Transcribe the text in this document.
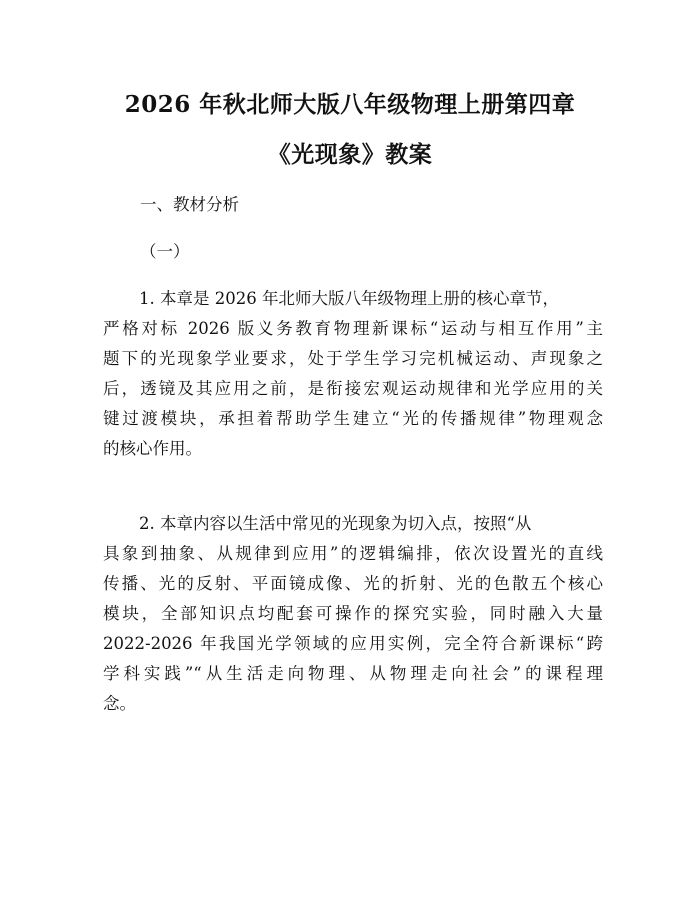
2026 年秋北师大版八年级物理上册第四章
《光现象》教案
一、教材分析
（一）
1. 本章是 2026 年北师大版八年级物理上册的核心章节，
严格对标 2026 版义务教育物理新课标“运动与相互作用”主
题下的光现象学业要求，处于学生学习完机械运动、声现象之
后，透镜及其应用之前，是衔接宏观运动规律和光学应用的关
键过渡模块，承担着帮助学生建立“光的传播规律”物理观念
的核心作用。
2. 本章内容以生活中常见的光现象为切入点，按照“从
具象到抽象、从规律到应用”的逻辑编排，依次设置光的直线
传播、光的反射、平面镜成像、光的折射、光的色散五个核心
模块，全部知识点均配套可操作的探究实验，同时融入大量
2022-2026 年我国光学领域的应用实例，完全符合新课标“跨
学科实践”“从生活走向物理、从物理走向社会”的课程理
念。
